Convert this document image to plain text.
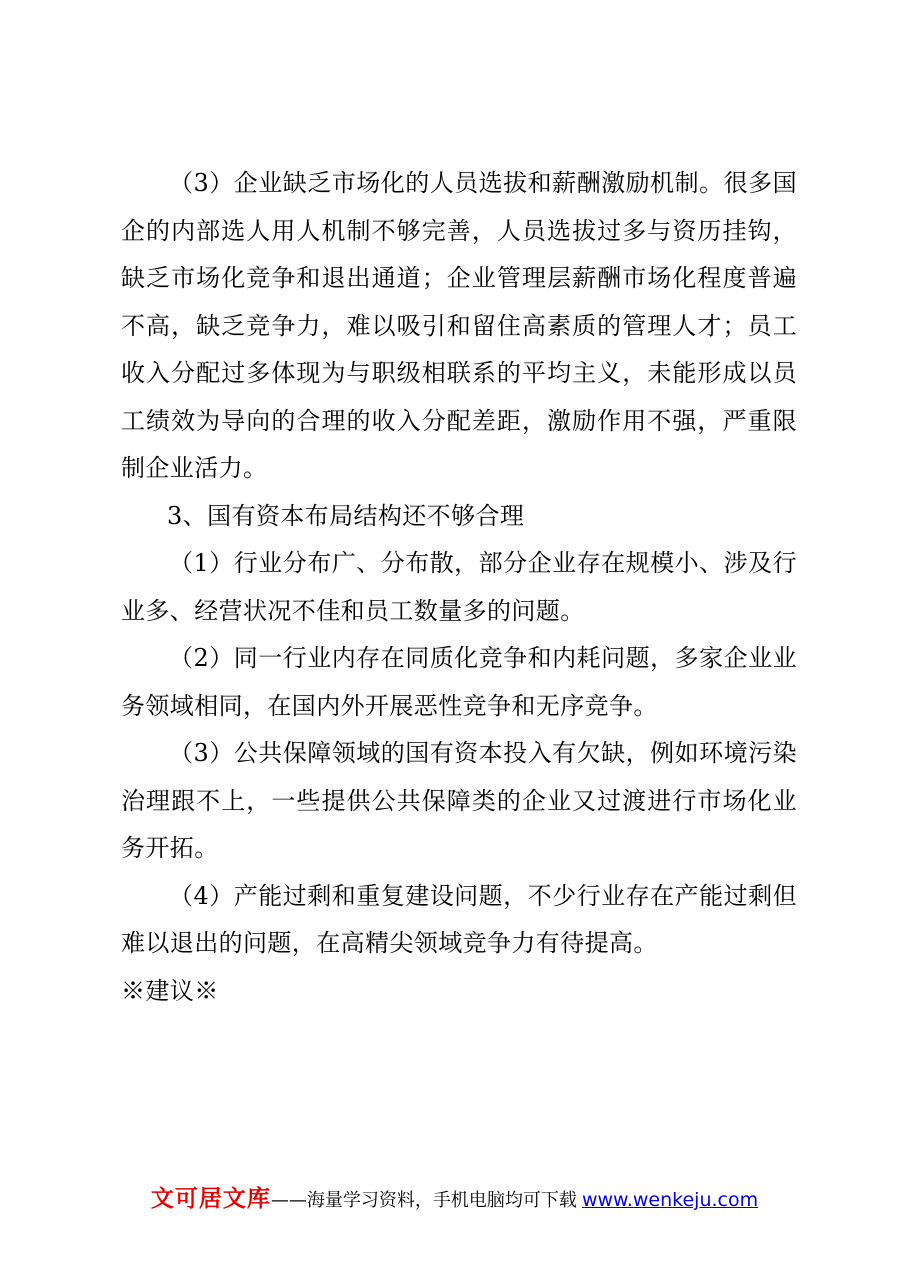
（3）企业缺乏市场化的人员选拔和薪酬激励机制。很多国企的内部选人用人机制不够完善，人员选拔过多与资历挂钩，缺乏市场化竞争和退出通道；企业管理层薪酬市场化程度普遍不高，缺乏竞争力，难以吸引和留住高素质的管理人才；员工收入分配过多体现为与职级相联系的平均主义，未能形成以员工绩效为导向的合理的收入分配差距，激励作用不强，严重限制企业活力。

3、国有资本布局结构还不够合理

（1）行业分布广、分布散，部分企业存在规模小、涉及行业多、经营状况不佳和员工数量多的问题。

（2）同一行业内存在同质化竞争和内耗问题，多家企业业务领域相同，在国内外开展恶性竞争和无序竞争。

（3）公共保障领域的国有资本投入有欠缺，例如环境污染治理跟不上，一些提供公共保障类的企业又过渡进行市场化业务开拓。

（4）产能过剩和重复建设问题，不少行业存在产能过剩但难以退出的问题，在高精尖领域竞争力有待提高。

※建议※

文可居文库——海量学习资料，手机电脑均可下载 www.wenkeju.com
